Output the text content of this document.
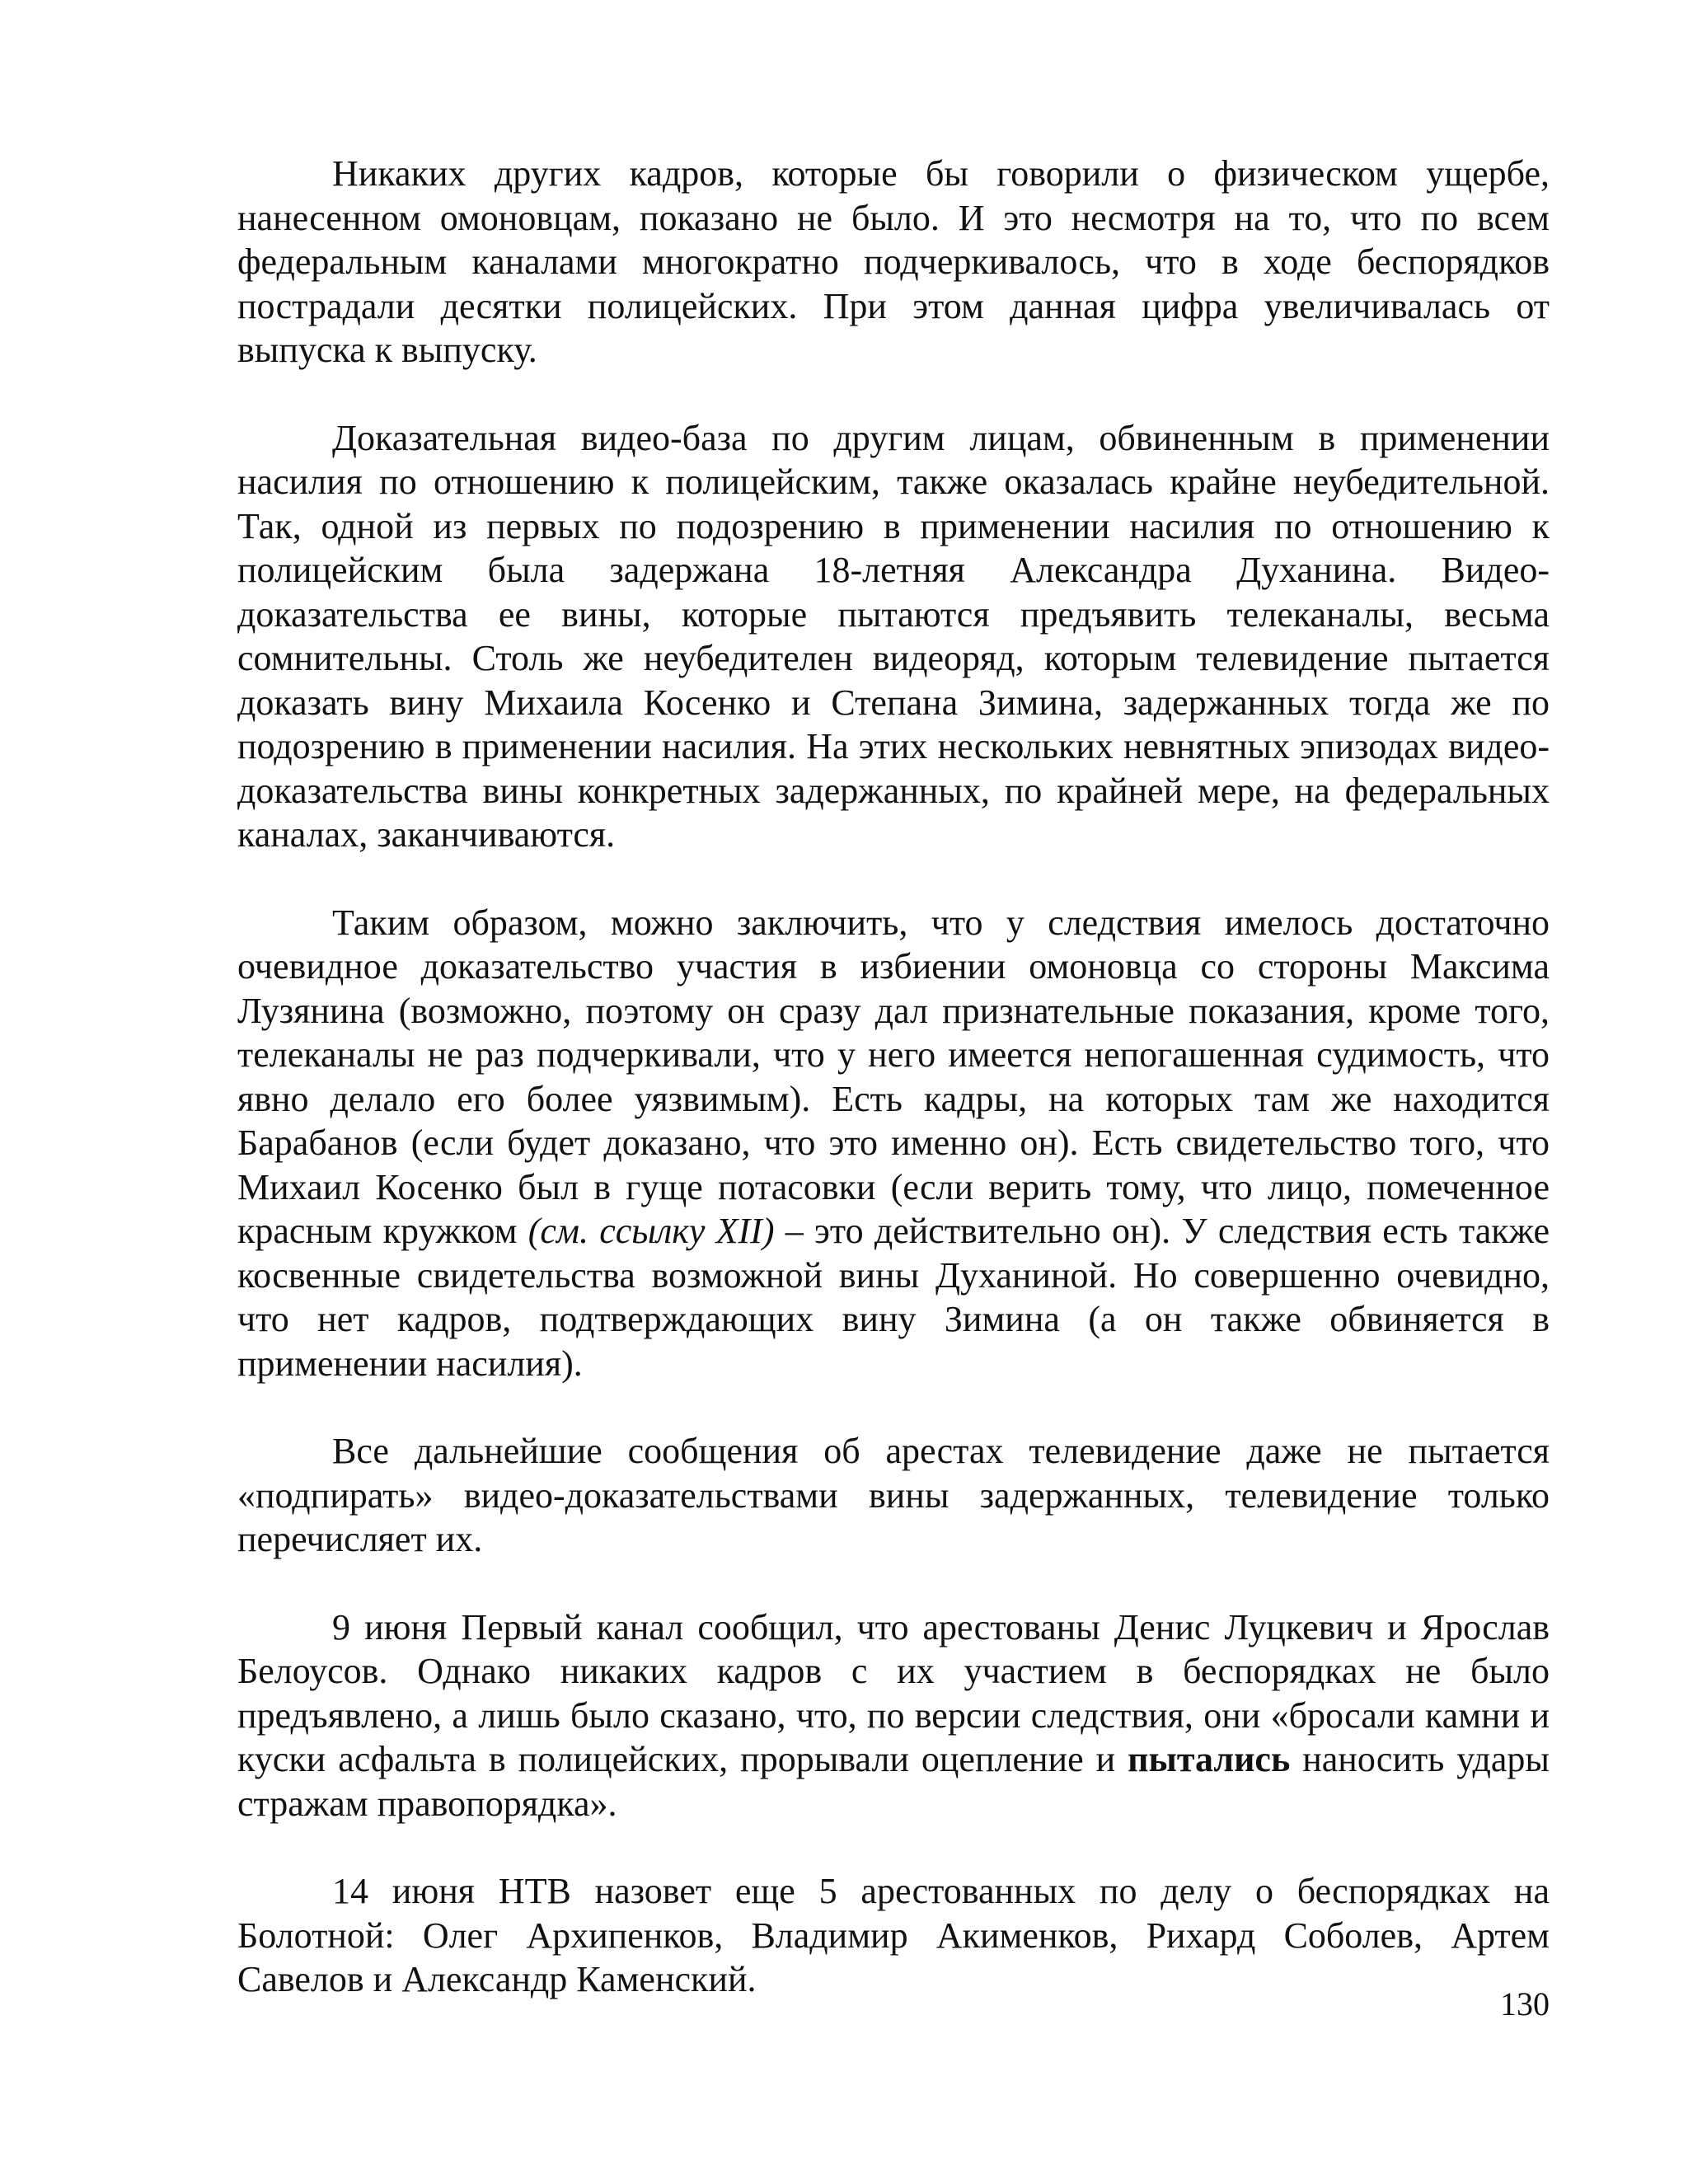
Никаких других кадров, которые бы говорили о физическом ущербе, нанесенном омоновцам, показано не было. И это несмотря на то, что по всем федеральным каналами многократно подчеркивалось, что в ходе беспорядков пострадали десятки полицейских. При этом данная цифра увеличивалась от выпуска к выпуску.

Доказательная видео-база по другим лицам, обвиненным в применении насилия по отношению к полицейским, также оказалась крайне неубедительной. Так, одной из первых по подозрению в применении насилия по отношению к полицейским была задержана 18-летняя Александра Духанина. Видео-доказательства ее вины, которые пытаются предъявить телеканалы, весьма сомнительны. Столь же неубедителен видеоряд, которым телевидение пытается доказать вину Михаила Косенко и Степана Зимина, задержанных тогда же по подозрению в применении насилия. На этих нескольких невнятных эпизодах видео-доказательства вины конкретных задержанных, по крайней мере, на федеральных каналах, заканчиваются.

Таким образом, можно заключить, что у следствия имелось достаточно очевидное доказательство участия в избиении омоновца со стороны Максима Лузянина (возможно, поэтому он сразу дал признательные показания, кроме того, телеканалы не раз подчеркивали, что у него имеется непогашенная судимость, что явно делало его более уязвимым). Есть кадры, на которых там же находится Барабанов (если будет доказано, что это именно он). Есть свидетельство того, что Михаил Косенко был в гуще потасовки (если верить тому, что лицо, помеченное красным кружком (см. ссылку XII) – это действительно он). У следствия есть также косвенные свидетельства возможной вины Духаниной. Но совершенно очевидно, что нет кадров, подтверждающих вину Зимина (а он также обвиняется в применении насилия).

Все дальнейшие сообщения об арестах телевидение даже не пытается «подпирать» видео-доказательствами вины задержанных, телевидение только перечисляет их.

9 июня Первый канал сообщил, что арестованы Денис Луцкевич и Ярослав Белоусов. Однако никаких кадров с их участием в беспорядках не было предъявлено, а лишь было сказано, что, по версии следствия, они «бросали камни и куски асфальта в полицейских, прорывали оцепление и пытались наносить удары стражам правопорядка».

14 июня НТВ назовет еще 5 арестованных по делу о беспорядках на Болотной: Олег Архипенков, Владимир Акименков, Рихард Соболев, Артем Савелов и Александр Каменский.

130
